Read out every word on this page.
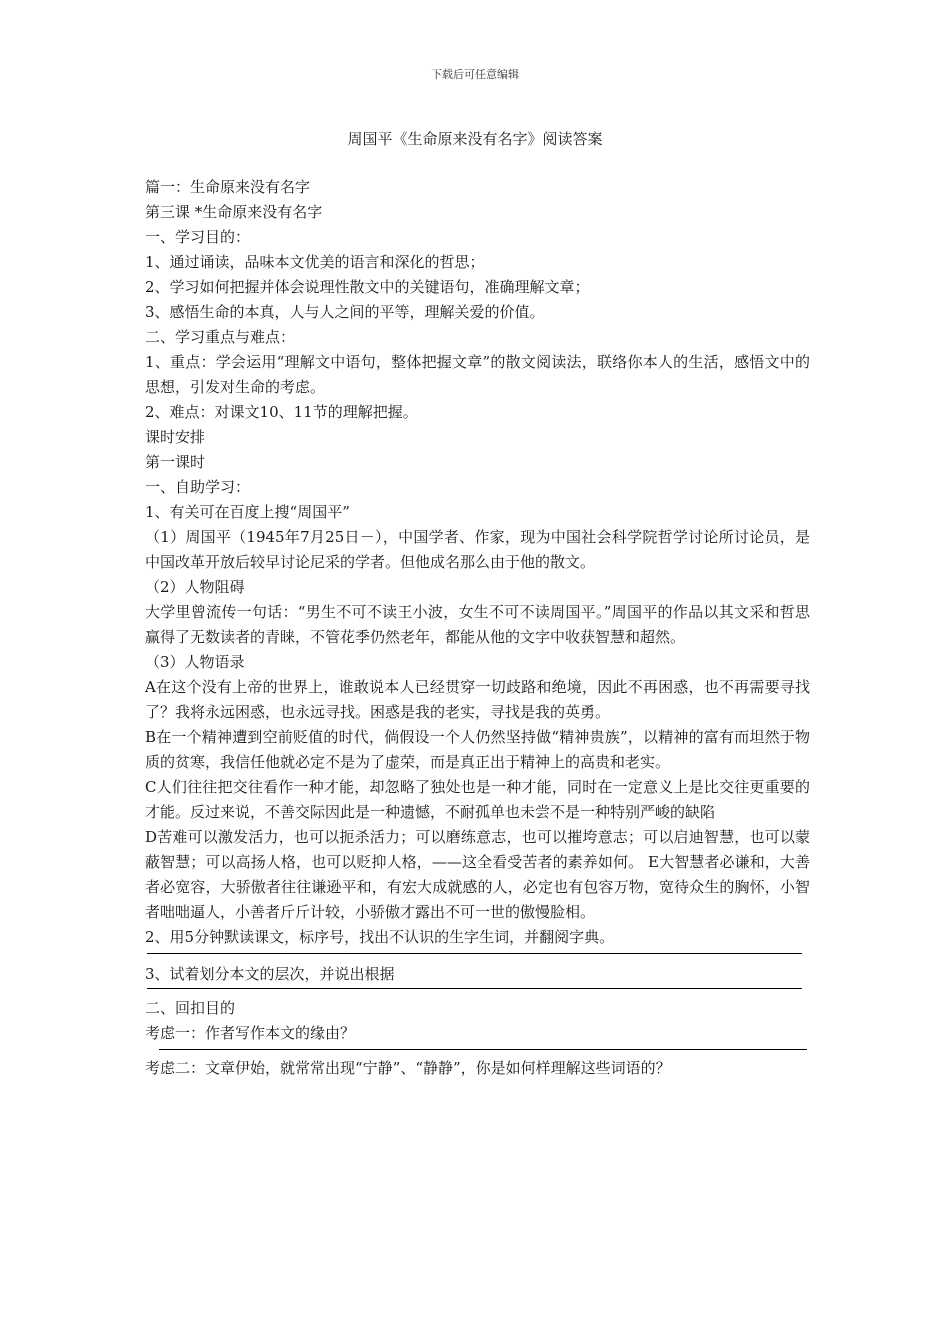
下载后可任意编辑
周国平《生命原来没有名字》阅读答案

篇一：生命原来没有名字

第三课 *生命原来没有名字

一、学习目的：

1、通过诵读，品味本文优美的语言和深化的哲思；

2、学习如何把握并体会说理性散文中的关键语句，准确理解文章；

3、感悟生命的本真，人与人之间的平等，理解关爱的价值。

二、学习重点与难点：

1、重点：学会运用“理解文中语句，整体把握文章”的散文阅读法，联络你本人的生活，感悟文中的思想，引发对生命的考虑。

2、难点：对课文10、11节的理解把握。

课时安排

第一课时

一、自助学习：

1、有关可在百度上搜“周国平”

（1）周国平（1945年7月25日－），中国学者、作家，现为中国社会科学院哲学讨论所讨论员，是中国改革开放后较早讨论尼采的学者。但他成名那么由于他的散文。

（2）人物阻碍

大学里曾流传一句话：“男生不可不读王小波，女生不可不读周国平。”周国平的作品以其文采和哲思赢得了无数读者的青睐，不管花季仍然老年，都能从他的文字中收获智慧和超然。

（3）人物语录

A在这个没有上帝的世界上，谁敢说本人已经贯穿一切歧路和绝境，因此不再困惑，也不再需要寻找了？我将永远困惑，也永远寻找。困惑是我的老实，寻找是我的英勇。

B在一个精神遭到空前贬值的时代，倘假设一个人仍然坚持做“精神贵族”，以精神的富有而坦然于物质的贫寒，我信任他就必定不是为了虚荣，而是真正出于精神上的高贵和老实。

C人们往往把交往看作一种才能，却忽略了独处也是一种才能，同时在一定意义上是比交往更重要的才能。反过来说，不善交际因此是一种遗憾，不耐孤单也未尝不是一种特别严峻的缺陷

D苦难可以激发活力，也可以扼杀活力；可以磨练意志，也可以摧垮意志；可以启迪智慧，也可以蒙蔽智慧；可以高扬人格，也可以贬抑人格，——这全看受苦者的素养如何。 E大智慧者必谦和，大善者必宽容，大骄傲者往往谦逊平和，有宏大成就感的人，必定也有包容万物，宽待众生的胸怀，小智者咄咄逼人，小善者斤斤计较，小骄傲才露出不可一世的傲慢脸相。

2、用5分钟默读课文，标序号，找出不认识的生字生词，并翻阅字典。

3、试着划分本文的层次，并说出根据

二、回扣目的

考虑一：作者写作本文的缘由？

考虑二：文章伊始，就常常出现“宁静”、“静静”，你是如何样理解这些词语的？
